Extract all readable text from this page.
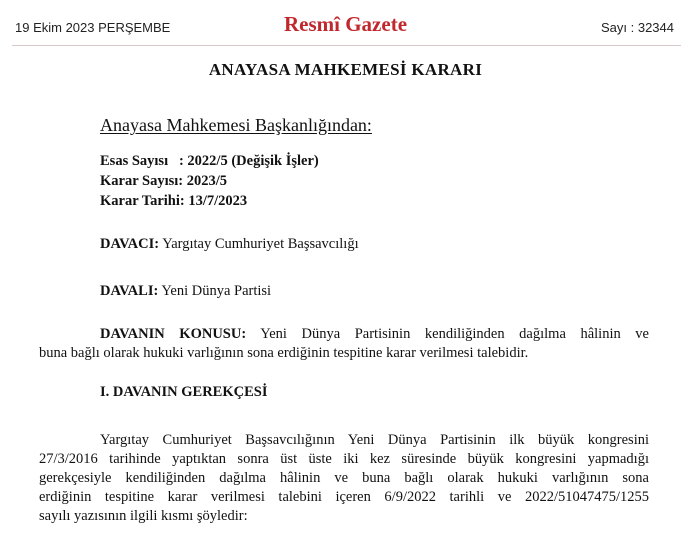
19 Ekim 2023 PERŞEMBE	Resmî Gazete	Sayı : 32344
ANAYASA MAHKEMESİ KARARI
Anayasa Mahkemesi Başkanlığından:
Esas Sayısı   : 2022/5 (Değişik İşler)
Karar Sayısı: 2023/5
Karar Tarihi: 13/7/2023
DAVACI: Yargıtay Cumhuriyet Başsavcılığı
DAVALI: Yeni Dünya Partisi
DAVANIN KONUSU: Yeni Dünya Partisinin kendiliğinden dağılma hâlinin ve
buna bağlı olarak hukuki varlığının sona erdiğinin tespitine karar verilmesi talebidir.
I. DAVANIN GEREKÇESİ
Yargıtay Cumhuriyet Başsavcılığının Yeni Dünya Partisinin ilk büyük kongresini
27/3/2016 tarihinde yaptıktan sonra üst üste iki kez süresinde büyük kongresini yapmadığı
gerekçesiyle kendiliğinden dağılma hâlinin ve buna bağlı olarak hukuki varlığının sona
erdiğinin tespitine karar verilmesi talebini içeren 6/9/2022 tarihli ve 2022/51047475/1255
sayılı yazısının ilgili kısmı şöyledir:
